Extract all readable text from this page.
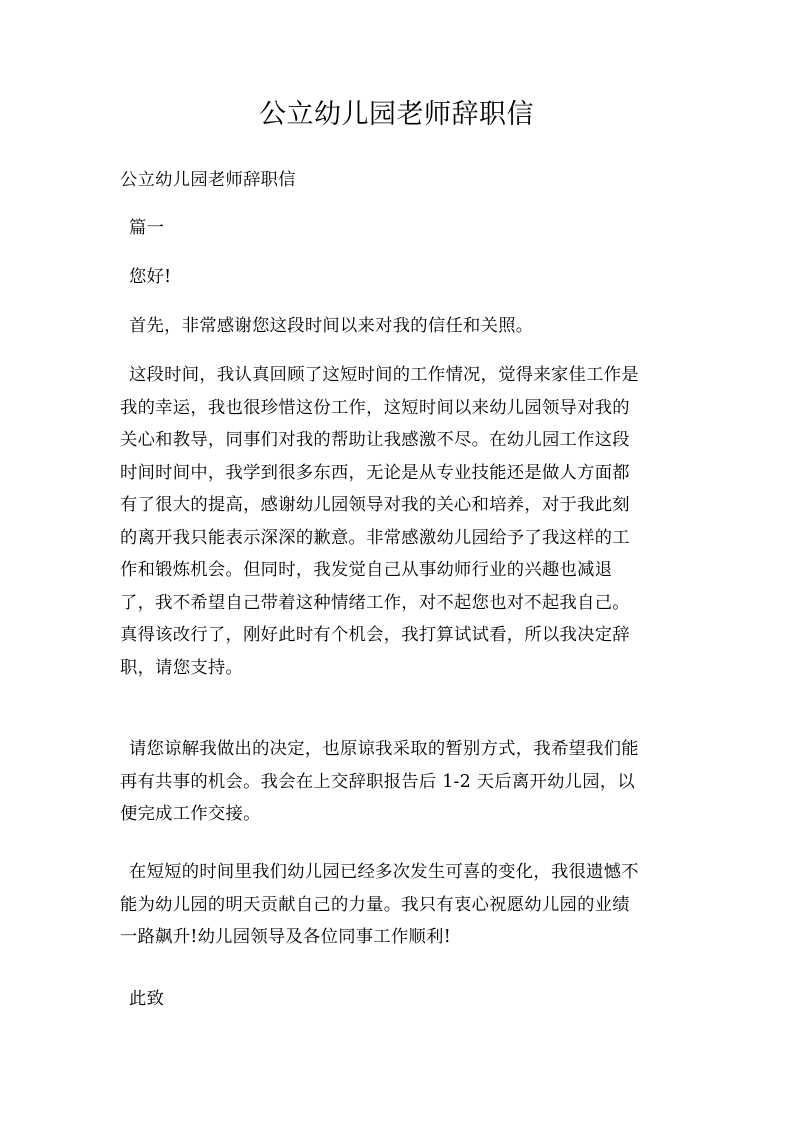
公立幼儿园老师辞职信

公立幼儿园老师辞职信

篇一

您好!

首先，非常感谢您这段时间以来对我的信任和关照。

这段时间，我认真回顾了这短时间的工作情况，觉得来家佳工作是
我的幸运，我也很珍惜这份工作，这短时间以来幼儿园领导对我的
关心和教导，同事们对我的帮助让我感激不尽。在幼儿园工作这段
时间时间中，我学到很多东西，无论是从专业技能还是做人方面都
有了很大的提高，感谢幼儿园领导对我的关心和培养，对于我此刻
的离开我只能表示深深的歉意。非常感激幼儿园给予了我这样的工
作和锻炼机会。但同时，我发觉自己从事幼师行业的兴趣也减退
了，我不希望自己带着这种情绪工作，对不起您也对不起我自己。
真得该改行了，刚好此时有个机会，我打算试试看，所以我决定辞
职，请您支持。
请您谅解我做出的决定，也原谅我采取的暂别方式，我希望我们能
再有共事的机会。我会在上交辞职报告后 1-2 天后离开幼儿园，以
便完成工作交接。
在短短的时间里我们幼儿园已经多次发生可喜的变化，我很遗憾不
能为幼儿园的明天贡献自己的力量。我只有衷心祝愿幼儿园的业绩
一路飙升!幼儿园领导及各位同事工作顺利!

此致
